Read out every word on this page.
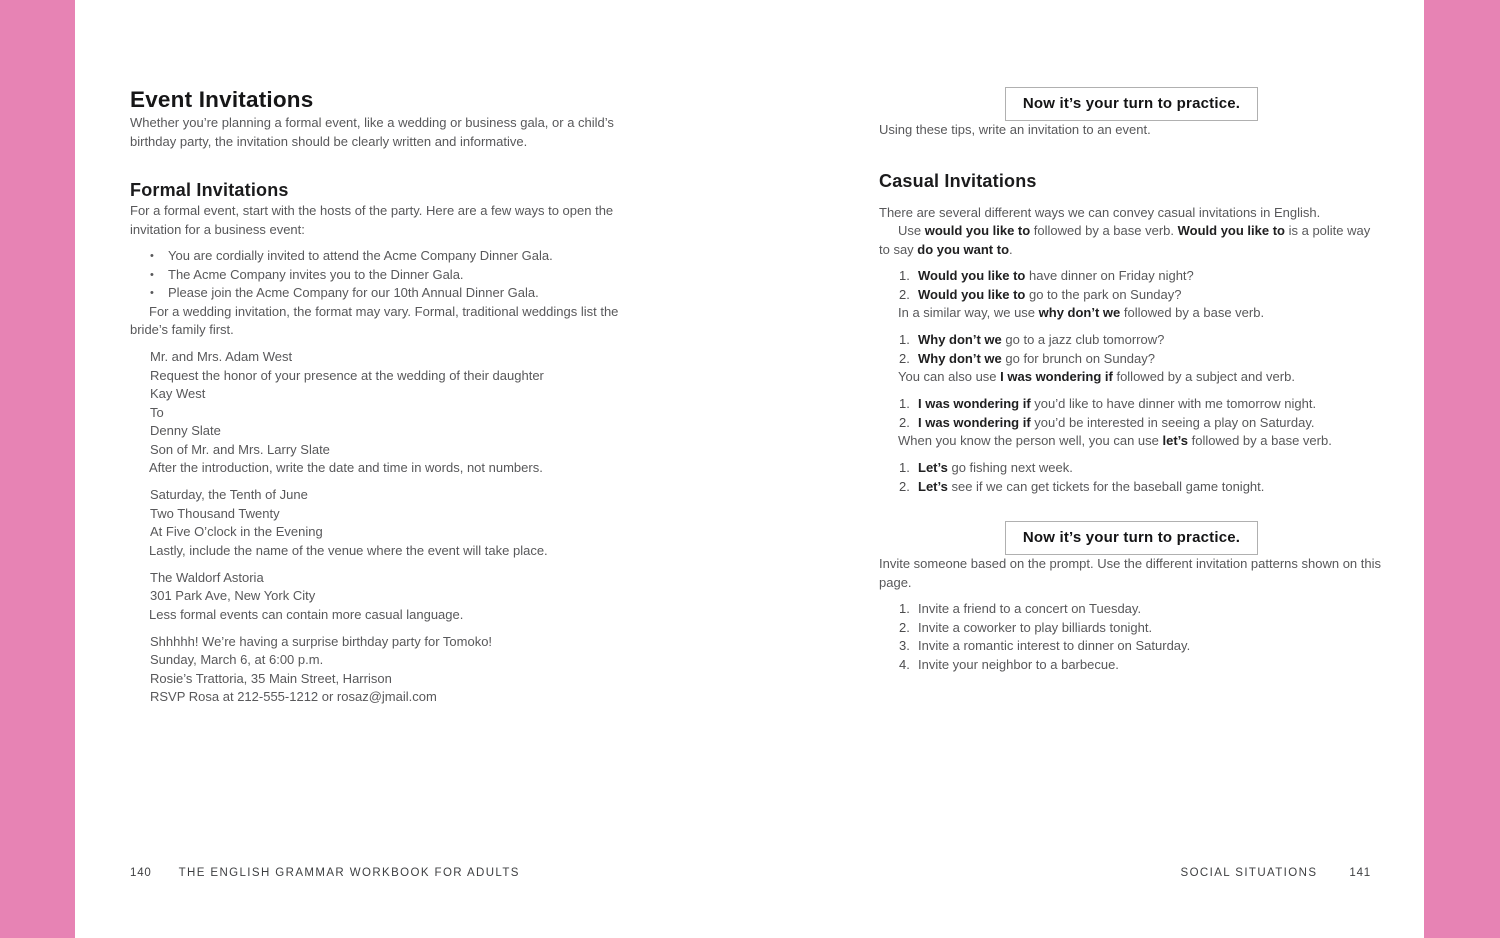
Event Invitations

Whether you’re planning a formal event, like a wedding or business gala, or a child’s birthday party, the invitation should be clearly written and informative.

Formal Invitations

For a formal event, start with the hosts of the party. Here are a few ways to open the invitation for a business event:

•	You are cordially invited to attend the Acme Company Dinner Gala.
•	The Acme Company invites you to the Dinner Gala.
•	Please join the Acme Company for our 10th Annual Dinner Gala.

For a wedding invitation, the format may vary. Formal, traditional weddings list the bride’s family first.

Mr. and Mrs. Adam West
Request the honor of your presence at the wedding of their daughter
Kay West
To
Denny Slate
Son of Mr. and Mrs. Larry Slate

After the introduction, write the date and time in words, not numbers.

Saturday, the Tenth of June
Two Thousand Twenty
At Five O’clock in the Evening

Lastly, include the name of the venue where the event will take place.

The Waldorf Astoria
301 Park Ave, New York City

Less formal events can contain more casual language.

Shhhhh! We’re having a surprise birthday party for Tomoko!
Sunday, March 6, at 6:00 p.m.
Rosie’s Trattoria, 35 Main Street, Harrison
RSVP Rosa at 212-555-1212 or rosaz@jmail.com
Now it’s your turn to practice.

Using these tips, write an invitation to an event.

Casual Invitations

There are several different ways we can convey casual invitations in English.

Use would you like to followed by a base verb. Would you like to is a polite way to say do you want to.

1. Would you like to have dinner on Friday night?
2. Would you like to go to the park on Sunday?

In a similar way, we use why don’t we followed by a base verb.

1. Why don’t we go to a jazz club tomorrow?
2. Why don’t we go for brunch on Sunday?

You can also use I was wondering if followed by a subject and verb.

1. I was wondering if you’d like to have dinner with me tomorrow night.
2. I was wondering if you’d be interested in seeing a play on Saturday.

When you know the person well, you can use let’s followed by a base verb.

1. Let’s go fishing next week.
2. Let’s see if we can get tickets for the baseball game tonight.
Now it’s your turn to practice.

Invite someone based on the prompt. Use the different invitation patterns shown on this page.

1. Invite a friend to a concert on Tuesday.
2. Invite a coworker to play billiards tonight.
3. Invite a romantic interest to dinner on Saturday.
4. Invite your neighbor to a barbecue.
140 THE ENGLISH GRAMMAR WORKBOOK FOR ADULTS	SOCIAL SITUATIONS	141
